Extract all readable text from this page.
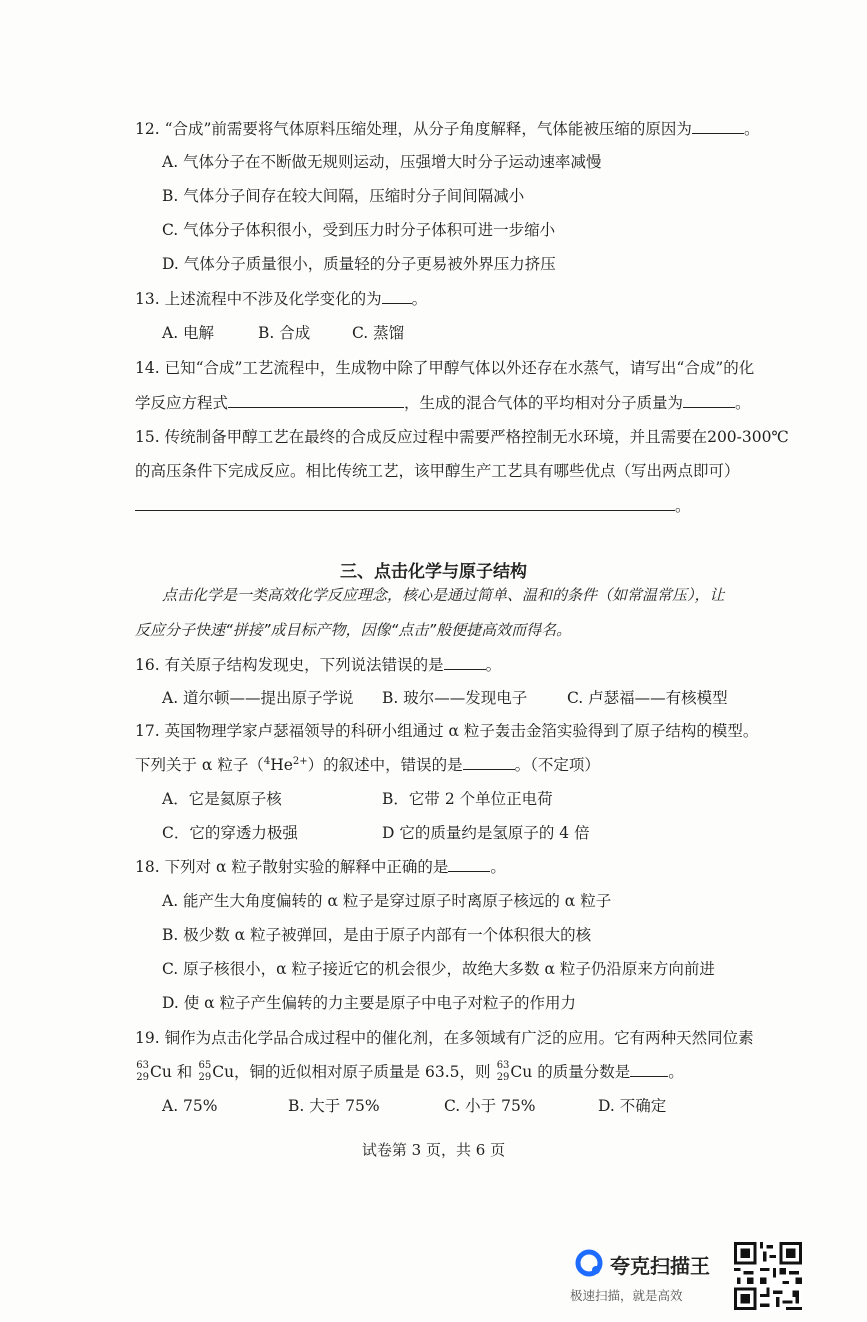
12. “合成”前需要将气体原料压缩处理，从分子角度解释，气体能被压缩的原因为	。
A. 气体分子在不断做无规则运动，压强增大时分子运动速率减慢
B. 气体分子间存在较大间隔，压缩时分子间间隔减小
C. 气体分子体积很小，受到压力时分子体积可进一步缩小
D. 气体分子质量很小，质量轻的分子更易被外界压力挤压
13. 上述流程中不涉及化学变化的为 。
A. 电解	B. 合成	C. 蒸馏
14. 已知“合成”工艺流程中，生成物中除了甲醇气体以外还存在水蒸气，请写出“合成”的化
学反应方程式	，生成的混合气体的平均相对分子质量为	。
15. 传统制备甲醇工艺在最终的合成反应过程中需要严格控制无水环境，并且需要在200-300℃
的高压条件下完成反应。相比传统工艺，该甲醇生产工艺具有哪些优点（写出两点即可）
。
三、点击化学与原子结构
点击化学是一类高效化学反应理念，核心是通过简单、温和的条件（如常温常压），让
反应分子快速“拼接”成目标产物，因像“点击”般便捷高效而得名。
16. 有关原子结构发现史，下列说法错误的是	。
A. 道尔顿——提出原子学说 B. 玻尔——发现电子	C. 卢瑟福——有核模型
17. 英国物理学家卢瑟福领导的科研小组通过 α 粒子轰击金箔实验得到了原子结构的模型。
下列关于 α 粒子$(^4He^{2+})$的叙述中，错误的是	。（不定项）
A．它是氦原子核	B．它带 2 个单位正电荷
C．它的穿透力极强	D 它的质量约是氢原子的 4 倍
18. 下列对 α 粒子散射实验的解释中正确的是	。
A. 能产生大角度偏转的 α 粒子是穿过原子时离原子核远的 α 粒子
B. 极少数 α 粒子被弹回，是由于原子内部有一个体积很大的核
C. 原子核很小，α 粒子接近它的机会很少，故绝大多数 α 粒子仍沿原来方向前进
D. 使 α 粒子产生偏转的力主要是原子中电子对粒子的作用力
19. 铜作为点击化学品合成过程中的催化剂，在多领域有广泛的应用。它有两种天然同位素
63
29 Cu 和 65
29 Cu，铜的近似相对原子质量是 63.5，则 63
29 Cu 的质量分数是 。
A. 75%	B. 大于 75%	C. 小于 75%	D. 不确定
试卷第 3 页，共 6 页
夸克扫描王
极速扫描，就是高效
